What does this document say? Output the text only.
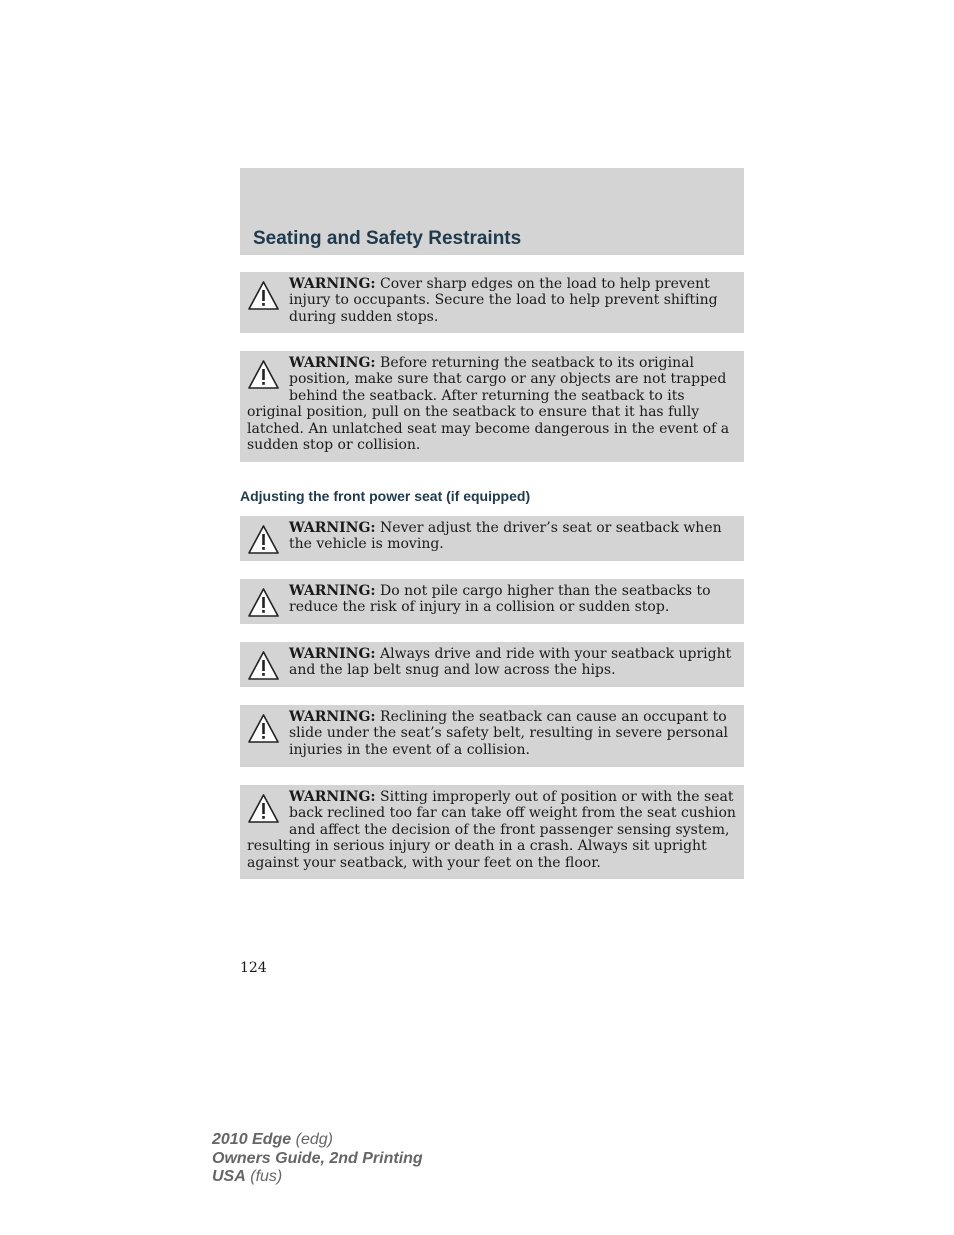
Seating and Safety Restraints
WARNING: Cover sharp edges on the load to help prevent injury to occupants. Secure the load to help prevent shifting during sudden stops.
WARNING: Before returning the seatback to its original position, make sure that cargo or any objects are not trapped behind the seatback. After returning the seatback to its original position, pull on the seatback to ensure that it has fully latched. An unlatched seat may become dangerous in the event of a sudden stop or collision.
Adjusting the front power seat (if equipped)
WARNING: Never adjust the driver’s seat or seatback when the vehicle is moving.
WARNING: Do not pile cargo higher than the seatbacks to reduce the risk of injury in a collision or sudden stop.
WARNING: Always drive and ride with your seatback upright and the lap belt snug and low across the hips.
WARNING: Reclining the seatback can cause an occupant to slide under the seat’s safety belt, resulting in severe personal injuries in the event of a collision.
WARNING: Sitting improperly out of position or with the seat back reclined too far can take off weight from the seat cushion and affect the decision of the front passenger sensing system, resulting in serious injury or death in a crash. Always sit upright against your seatback, with your feet on the floor.
124
2010 Edge (edg)
Owners Guide, 2nd Printing
USA (fus)
